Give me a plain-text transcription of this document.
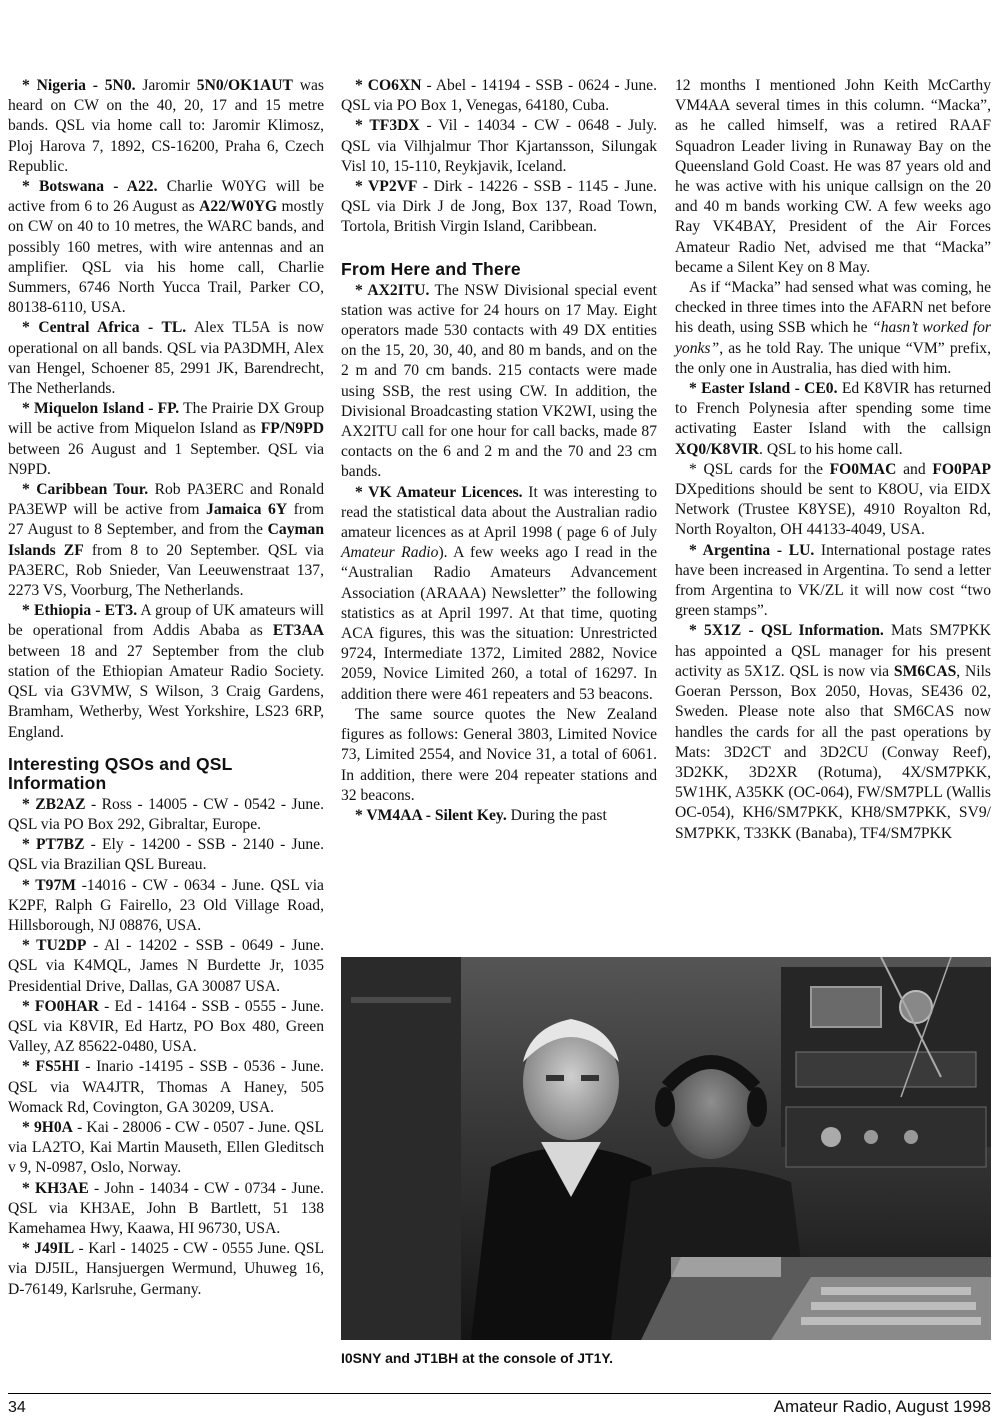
* Nigeria - 5N0. Jaromir 5N0/OK1AUT was heard on CW on the 40, 20, 17 and 15 metre bands. QSL via home call to: Jaromir Klimosz, Ploj Harova 7, 1892, CS-16200, Praha 6, Czech Republic.

* Botswana - A22. Charlie W0YG will be active from 6 to 26 August as A22/W0YG mostly on CW on 40 to 10 metres, the WARC bands, and possibly 160 metres, with wire antennas and an amplifier. QSL via his home call, Charlie Summers, 6746 North Yucca Trail, Parker CO, 80138-6110, USA.

* Central Africa - TL. Alex TL5A is now operational on all bands. QSL via PA3DMH, Alex van Hengel, Schoener 85, 2991 JK, Barendrecht, The Netherlands.

* Miquelon Island - FP. The Prairie DX Group will be active from Miquelon Island as FP/N9PD between 26 August and 1 September. QSL via N9PD.

* Caribbean Tour. Rob PA3ERC and Ronald PA3EWP will be active from Jamaica 6Y from 27 August to 8 September, and from the Cayman Islands ZF from 8 to 20 September. QSL via PA3ERC, Rob Snieder, Van Leeuwenstraat 137, 2273 VS, Voorburg, The Netherlands.

* Ethiopia - ET3. A group of UK amateurs will be operational from Addis Ababa as ET3AA between 18 and 27 September from the club station of the Ethiopian Amateur Radio Society. QSL via G3VMW, S Wilson, 3 Craig Gardens, Bramham, Wetherby, West Yorkshire, LS23 6RP, England.

Interesting QSOs and QSL Information

* ZB2AZ - Ross - 14005 - CW - 0542 - June. QSL via PO Box 292, Gibraltar, Europe.

* PT7BZ - Ely - 14200 - SSB - 2140 - June. QSL via Brazilian QSL Bureau.

* T97M -14016 - CW - 0634 - June. QSL via K2PF, Ralph G Fairello, 23 Old Village Road, Hillsborough, NJ 08876, USA.

* TU2DP - Al - 14202 - SSB - 0649 - June. QSL via K4MQL, James N Burdette Jr, 1035 Presidential Drive, Dallas, GA 30087 USA.

* FO0HAR - Ed - 14164 - SSB - 0555 - June. QSL via K8VIR, Ed Hartz, PO Box 480, Green Valley, AZ 85622-0480, USA.

* FS5HI - Inario -14195 - SSB - 0536 - June. QSL via WA4JTR, Thomas A Haney, 505 Womack Rd, Covington, GA 30209, USA.

* 9H0A - Kai - 28006 - CW - 0507 - June. QSL via LA2TO, Kai Martin Mauseth, Ellen Gleditsch v 9, N-0987, Oslo, Norway.

* KH3AE - John - 14034 - CW - 0734 - June. QSL via KH3AE, John B Bartlett, 51 138 Kamehamea Hwy, Kaawa, HI 96730, USA.

* J49IL - Karl - 14025 - CW - 0555 June. QSL via DJ5IL, Hansjuergen Wermund, Uhuweg 16, D-76149, Karlsruhe, Germany.

* CO6XN - Abel - 14194 - SSB - 0624 - June. QSL via PO Box 1, Venegas, 64180, Cuba.

* TF3DX - Vil - 14034 - CW - 0648 - July. QSL via Vilhjalmur Thor Kjartansson, Silungak Visl 10, 15-110, Reykjavik, Iceland.

* VP2VF - Dirk - 14226 - SSB - 1145 - June. QSL via Dirk J de Jong, Box 137, Road Town, Tortola, British Virgin Island, Caribbean.

From Here and There

* AX2ITU. The NSW Divisional special event station was active for 24 hours on 17 May. Eight operators made 530 contacts with 49 DX entities on the 15, 20, 30, 40, and 80 m bands, and on the 2 m and 70 cm bands. 215 contacts were made using SSB, the rest using CW. In addition, the Divisional Broadcasting station VK2WI, using the AX2ITU call for one hour for call backs, made 87 contacts on the 6 and 2 m and the 70 and 23 cm bands.

* VK Amateur Licences. It was interesting to read the statistical data about the Australian radio amateur licences as at April 1998 ( page 6 of July Amateur Radio). A few weeks ago I read in the “Australian Radio Amateurs Advancement Association (ARAAA) Newsletter” the following statistics as at April 1997. At that time, quoting ACA figures, this was the situation: Unrestricted 9724, Intermediate 1372, Limited 2882, Novice 2059, Novice Limited 260, a total of 16297. In addition there were 461 repeaters and 53 beacons.

The same source quotes the New Zealand figures as follows: General 3803, Limited Novice 73, Limited 2554, and Novice 31, a total of 6061. In addition, there were 204 repeater stations and 32 beacons.

* VM4AA - Silent Key. During the past

12 months I mentioned John Keith McCarthy VM4AA several times in this column. “Macka”, as he called himself, was a retired RAAF Squadron Leader living in Runaway Bay on the Queensland Gold Coast. He was 87 years old and he was active with his unique callsign on the 20 and 40 m bands working CW. A few weeks ago Ray VK4BAY, President of the Air Forces Amateur Radio Net, advised me that “Macka” became a Silent Key on 8 May.

As if “Macka” had sensed what was coming, he checked in three times into the AFARN net before his death, using SSB which he “hasn’t worked for yonks”, as he told Ray. The unique “VM” prefix, the only one in Australia, has died with him.

* Easter Island - CE0. Ed K8VIR has returned to French Polynesia after spending some time activating Easter Island with the callsign XQ0/K8VIR. QSL to his home call.

* QSL cards for the FO0MAC and FO0PAP DXpeditions should be sent to K8OU, via EIDX Network (Trustee K8YSE), 4910 Royalton Rd, North Royalton, OH 44133-4049, USA.

* Argentina - LU. International postage rates have been increased in Argentina. To send a letter from Argentina to VK/ZL it will now cost “two green stamps”.

* 5X1Z - QSL Information. Mats SM7PKK has appointed a QSL manager for his present activity as 5X1Z. QSL is now via SM6CAS, Nils Goeran Persson, Box 2050, Hovas, SE436 02, Sweden. Please note also that SM6CAS now handles the cards for all the past operations by Mats: 3D2CT and 3D2CU (Conway Reef), 3D2KK, 3D2XR (Rotuma), 4X/SM7PKK, 5W1HK, A35KK (OC-064), FW/SM7PLL (Wallis OC-054), KH6/SM7PKK, KH8/SM7PKK, SV9/ SM7PKK, T33KK (Banaba), TF4/SM7PKK

I0SNY and JT1BH at the console of JT1Y.
34	Amateur Radio, August 1998
